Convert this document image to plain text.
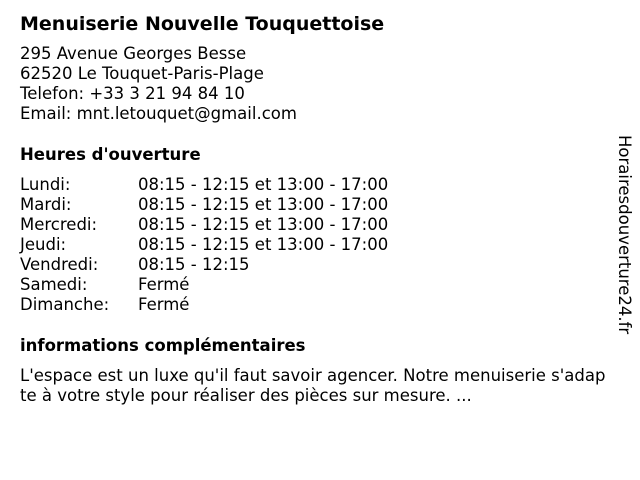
Menuiserie Nouvelle Touquettoise
295 Avenue Georges Besse
62520 Le Touquet-Paris-Plage
Telefon: +33 3 21 94 84 10
Email: mnt.letouquet@gmail.com
Heures d'ouverture
Lundi:	08:15 - 12:15 et 13:00 - 17:00
Mardi:	08:15 - 12:15 et 13:00 - 17:00
Mercredi:	08:15 - 12:15 et 13:00 - 17:00
Jeudi:	08:15 - 12:15 et 13:00 - 17:00
Vendredi:	08:15 - 12:15
Samedi:	Fermé
Dimanche:	Fermé
informations complémentaires
L'espace est un luxe qu'il faut savoir agencer. Notre menuiserie s'adapte à votre style pour réaliser des pièces sur mesure. ...
Horairesdouverture24.fr
